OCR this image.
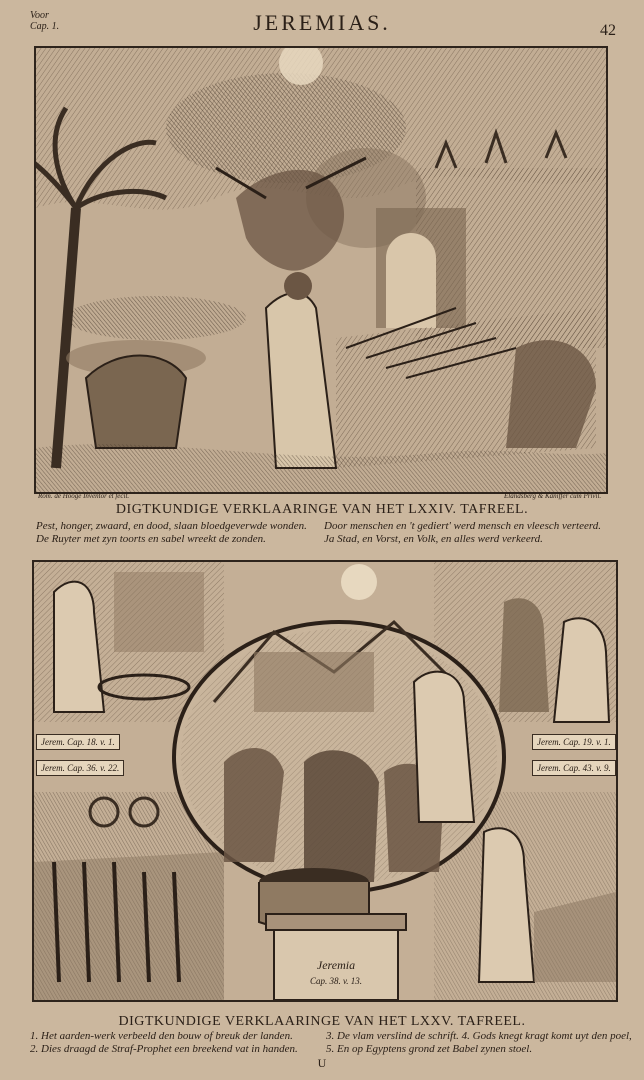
Voor
Cap. 1.	JEREMIAS.	42
Rom. de Hooge Inventor et fecit.	Elandsberg & Kaniffer cum Privil.
DIGTKUNDIGE VERKLAARINGE VAN HET LXXIV. TAFREEL.
Pest, honger, zwaard, en dood, slaan bloedgeverwde wonden.
De Ruyter met zyn toorts en sabel wreekt de zonden.
Door menschen en 't gediert' werd mensch en vleesch verteerd.
Ja Stad, en Vorst, en Volk, en alles werd verkeerd.
Jerem. Cap. 18. v. 1.
Jerem. Cap. 36. v. 22.
Jerem. Cap. 19. v. 1.
Jerem. Cap. 43. v. 9.
Jeremia
Cap. 38. v. 13.
DIGTKUNDIGE VERKLAARINGE VAN HET LXXV. TAFREEL.
1. Het aarden-werk verbeeld den bouw of breuk der landen.
2. Dies draagd de Straf-Prophet een breekend vat in handen.
3. De vlam verslind de schrift. 4. Gods knegt kragt komt uyt den poel,
5. En op Egyptens grond zet Babel zynen stoel.
U
